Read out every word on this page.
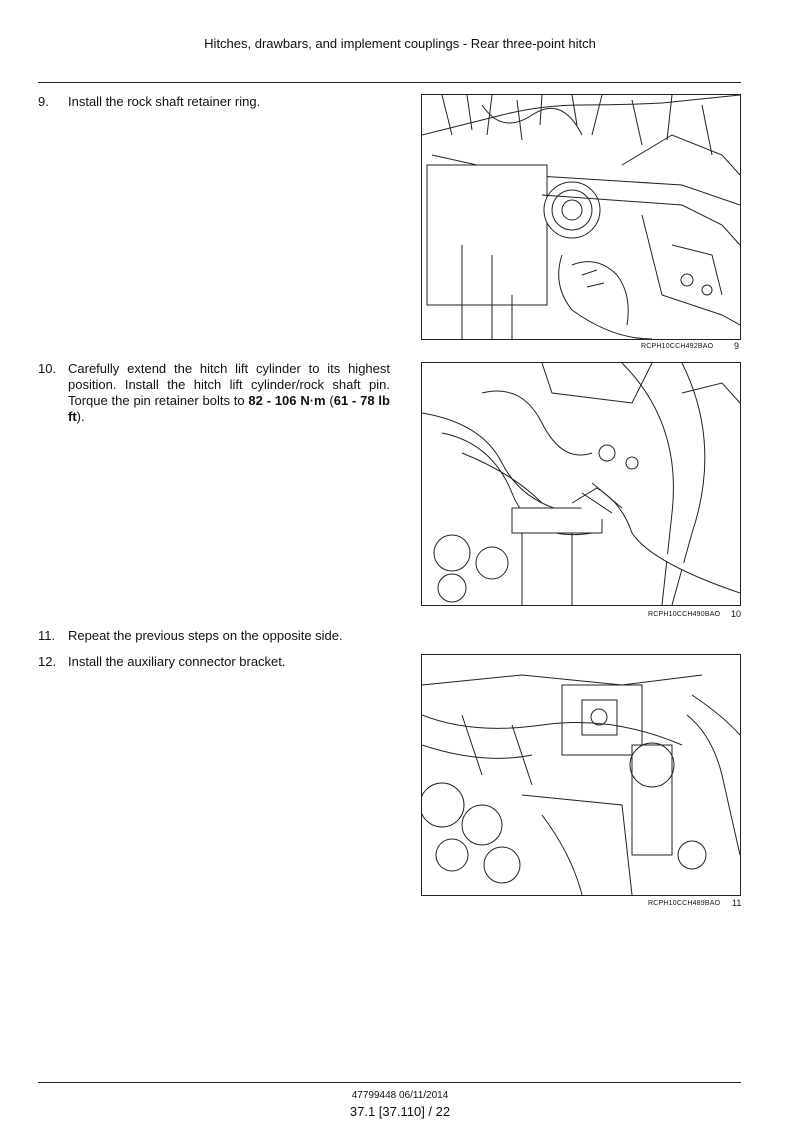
Hitches, drawbars, and implement couplings - Rear three-point hitch
9. Install the rock shaft retainer ring.
10. Carefully extend the hitch lift cylinder to its highest position. Install the hitch lift cylinder/rock shaft pin. Torque the pin retainer bolts to 82 - 106 N·m (61 - 78 lb ft).
11. Repeat the previous steps on the opposite side.
12. Install the auxiliary connector bracket.
RCPH10CCH492BAO 9
RCPH10CCH490BAO 10
RCPH10CCH489BAO 11
47799448 06/11/2014
37.1 [37.110] / 22
